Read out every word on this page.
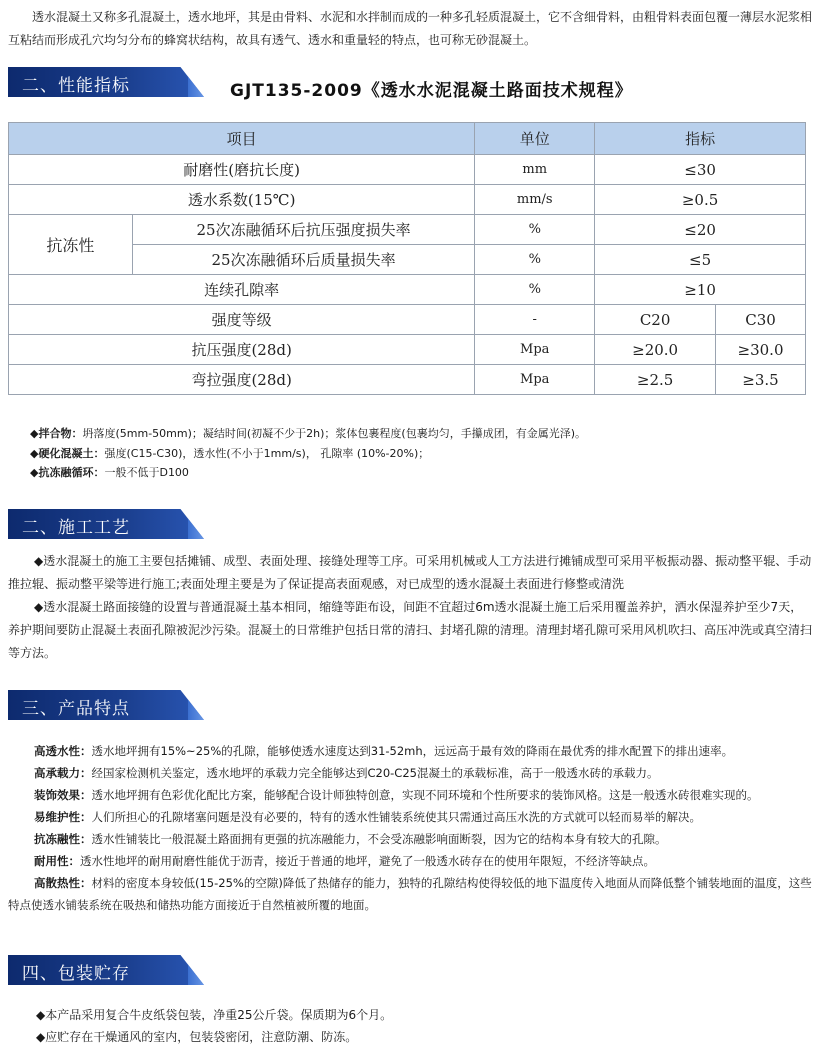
透水混凝土又称多孔混凝土，透水地坪，其是由骨料、水泥和水拌制而成的一种多孔轻质混凝土，它不含细骨料，由粗骨料表面包覆一薄层水泥浆相互粘结而形成孔穴均匀分布的蜂窝状结构，故具有透气、透水和重量轻的特点，也可称无砂混凝土。
二、性能指标	GJT135-2009《透水水泥混凝土路面技术规程》
项目		单位	指标	
耐磨性(磨抗长度)		mm	≤30	
透水系数(15℃)		mm/s	≥0.5	
抗冻性	25次冻融循环后抗压强度损失率	%	≤20	
	25次冻融循环后质量损失率	%	≤5	
连续孔隙率		%	≥10	
强度等级		-	C20	C30
抗压强度(28d)		Mpa	≥20.0	≥30.0
弯拉强度(28d)		Mpa	≥2.5	≥3.5
◆拌合物：坍落度(5mm-50mm)；凝结时间(初凝不少于2h)；浆体包裹程度(包裹均匀，手攥成团，有金属光泽)。
◆硬化混凝土：强度(C15-C30)，透水性(不小于1mm/s)， 孔隙率 (10%-20%)；
◆抗冻融循环：一般不低于D100
二、施工工艺

◆透水混凝土的施工主要包括摊铺、成型、表面处理、接缝处理等工序。可采用机械或人工方法进行摊铺成型可采用平板振动器、振动整平辊、手动推拉辊、振动整平梁等进行施工;表面处理主要是为了保证提高表面观感，对已成型的透水混凝土表面进行修整或清洗

◆透水混凝土路面接缝的设置与普通混凝土基本相同，缩缝等距布设，间距不宜超过6m透水混凝土施工后采用覆盖养护，洒水保湿养护至少7天，养护期间要防止混凝土表面孔隙被泥沙污染。混凝土的日常维护包括日常的清扫、封堵孔隙的清理。清理封堵孔隙可采用风机吹扫、高压冲洗或真空清扫等方法。

三、产品特点

高透水性：透水地坪拥有15%~25%的孔隙，能够使透水速度达到31-52mh，远远高于最有效的降雨在最优秀的排水配置下的排出速率。

高承载力：经国家检测机关鉴定，透水地坪的承载力完全能够达到C20-C25混凝土的承载标准，高于一般透水砖的承载力。

装饰效果：透水地坪拥有色彩优化配比方案，能够配合设计师独特创意，实现不同环境和个性所要求的装饰风格。这是一般透水砖很难实现的。

易维护性：人们所担心的孔隙堵塞问题是没有必要的，特有的透水性铺装系统使其只需通过高压水洗的方式就可以轻而易举的解决。

抗冻融性：透水性铺装比一般混凝土路面拥有更强的抗冻融能力，不会受冻融影响面断裂，因为它的结构本身有较大的孔隙。

耐用性：透水性地坪的耐用耐磨性能优于沥青，接近于普通的地坪，避免了一般透水砖存在的使用年限短，不经济等缺点。

高散热性：材料的密度本身较低(15-25%的空隙)降低了热储存的能力，独特的孔隙结构使得较低的地下温度传入地面从而降低整个铺装地面的温度，这些特点使透水铺装系统在吸热和储热功能方面接近于自然植被所覆的地面。

四、包装贮存
◆本产品采用复合牛皮纸袋包装，净重25公斤袋。保质期为6个月。
◆应贮存在干燥通风的室内，包装袋密闭，注意防潮、防冻。
